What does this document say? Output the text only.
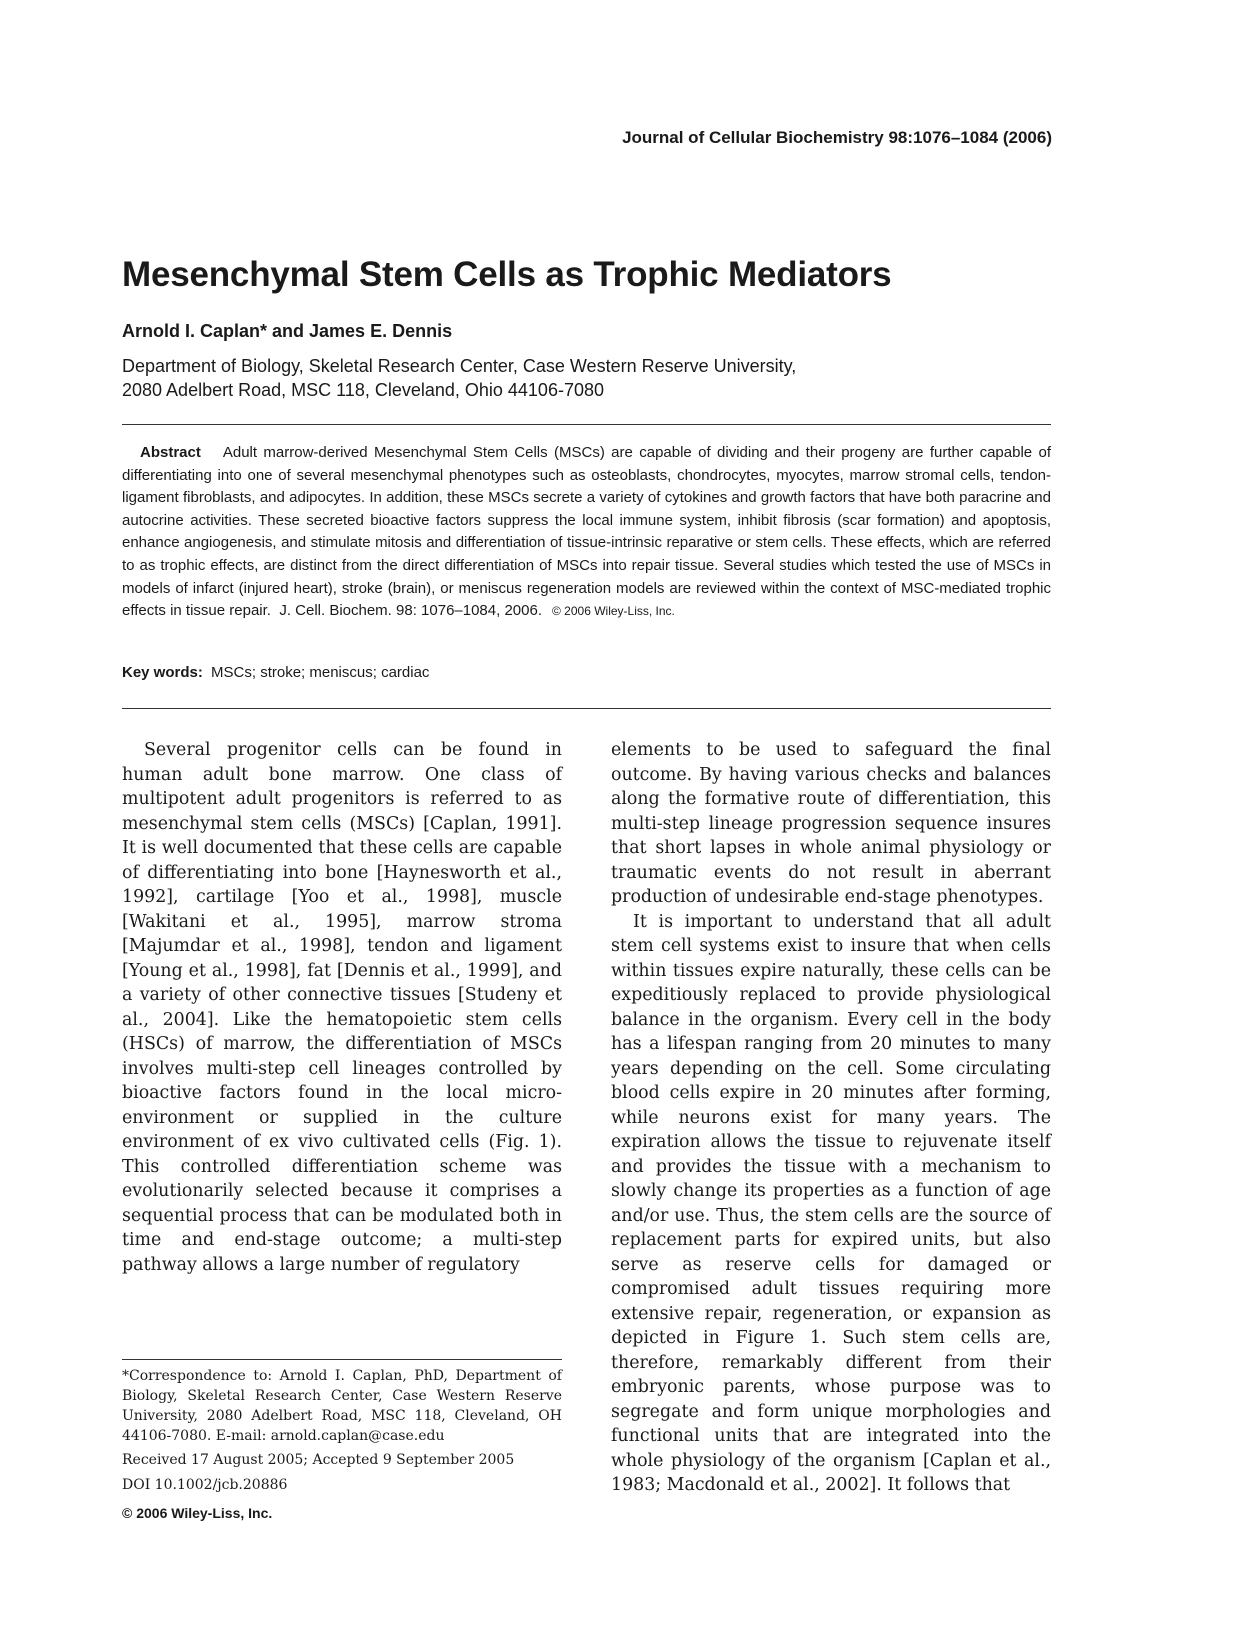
Journal of Cellular Biochemistry 98:1076–1084 (2006)
Mesenchymal Stem Cells as Trophic Mediators
Arnold I. Caplan* and James E. Dennis
Department of Biology, Skeletal Research Center, Case Western Reserve University,
2080 Adelbert Road, MSC 118, Cleveland, Ohio 44106-7080
Abstract Adult marrow-derived Mesenchymal Stem Cells (MSCs) are capable of dividing and their progeny are further capable of differentiating into one of several mesenchymal phenotypes such as osteoblasts, chondrocytes, myocytes, marrow stromal cells, tendon-ligament fibroblasts, and adipocytes. In addition, these MSCs secrete a variety of cytokines and growth factors that have both paracrine and autocrine activities. These secreted bioactive factors suppress the local immune system, inhibit fibrosis (scar formation) and apoptosis, enhance angiogenesis, and stimulate mitosis and differentiation of tissue-intrinsic reparative or stem cells. These effects, which are referred to as trophic effects, are distinct from the direct differentiation of MSCs into repair tissue. Several studies which tested the use of MSCs in models of infarct (injured heart), stroke (brain), or meniscus regeneration models are reviewed within the context of MSC-mediated trophic effects in tissue repair. J. Cell. Biochem. 98: 1076–1084, 2006. © 2006 Wiley-Liss, Inc.
Key words: MSCs; stroke; meniscus; cardiac

Several progenitor cells can be found in human adult bone marrow. One class of multipotent adult progenitors is referred to as mesenchymal stem cells (MSCs) [Caplan, 1991]. It is well documented that these cells are capable of differentiating into bone [Haynesworth et al., 1992], cartilage [Yoo et al., 1998], muscle [Wakitani et al., 1995], marrow stroma [Majumdar et al., 1998], tendon and ligament [Young et al., 1998], fat [Dennis et al., 1999], and a variety of other connective tissues [Studeny et al., 2004]. Like the hematopoietic stem cells (HSCs) of marrow, the differentiation of MSCs involves multi-step cell lineages controlled by bioactive factors found in the local micro-environment or supplied in the culture environment of ex vivo cultivated cells (Fig. 1). This controlled differentiation scheme was evolutionarily selected because it comprises a sequential process that can be modulated both in time and end-stage outcome; a multi-step pathway allows a large number of regulatory

elements to be used to safeguard the final outcome. By having various checks and balances along the formative route of differentiation, this multi-step lineage progression sequence insures that short lapses in whole animal physiology or traumatic events do not result in aberrant production of undesirable end-stage phenotypes.

It is important to understand that all adult stem cell systems exist to insure that when cells within tissues expire naturally, these cells can be expeditiously replaced to provide physiological balance in the organism. Every cell in the body has a lifespan ranging from 20 minutes to many years depending on the cell. Some circulating blood cells expire in 20 minutes after forming, while neurons exist for many years. The expiration allows the tissue to rejuvenate itself and provides the tissue with a mechanism to slowly change its properties as a function of age and/or use. Thus, the stem cells are the source of replacement parts for expired units, but also serve as reserve cells for damaged or compromised adult tissues requiring more extensive repair, regeneration, or expansion as depicted in Figure 1. Such stem cells are, therefore, remarkably different from their embryonic parents, whose purpose was to segregate and form unique morphologies and functional units that are integrated into the whole physiology of the organism [Caplan et al., 1983; Macdonald et al., 2002]. It follows that

*Correspondence to: Arnold I. Caplan, PhD, Department of Biology, Skeletal Research Center, Case Western Reserve University, 2080 Adelbert Road, MSC 118, Cleveland, OH 44106-7080. E-mail: arnold.caplan@case.edu
Received 17 August 2005; Accepted 9 September 2005
DOI 10.1002/jcb.20886
© 2006 Wiley-Liss, Inc.
